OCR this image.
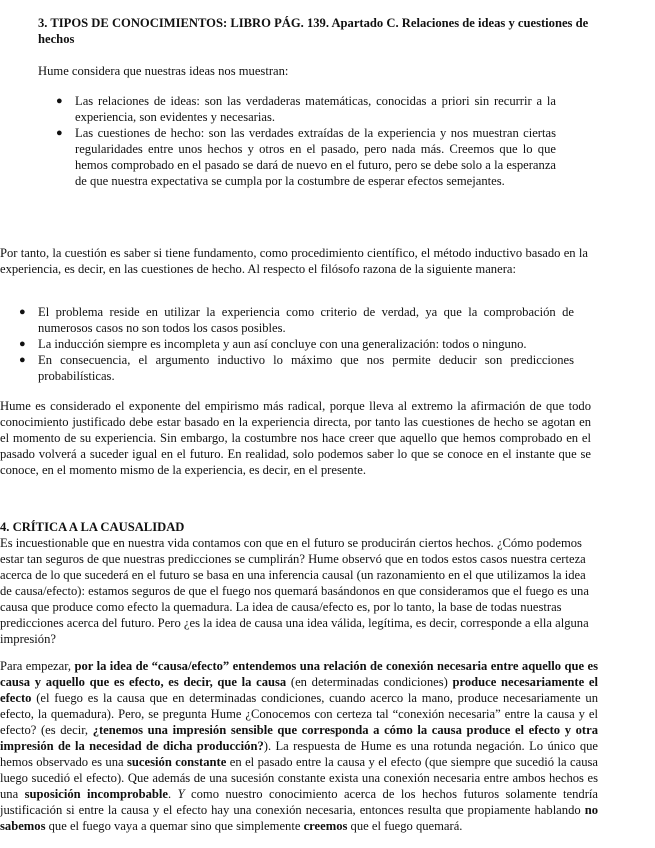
3. TIPOS DE CONOCIMIENTOS: LIBRO PÁG. 139. Apartado C. Relaciones de ideas y cuestiones de hechos

Hume considera que nuestras ideas nos muestran:

● Las relaciones de ideas: son las verdaderas matemáticas, conocidas a priori sin recurrir a la experiencia, son evidentes y necesarias.
● Las cuestiones de hecho: son las verdades extraídas de la experiencia y nos muestran ciertas regularidades entre unos hechos y otros en el pasado, pero nada más. Creemos que lo que hemos comprobado en el pasado se dará de nuevo en el futuro, pero se debe solo a la esperanza de que nuestra expectativa se cumpla por la costumbre de esperar efectos semejantes.

Por tanto, la cuestión es saber si tiene fundamento, como procedimiento científico, el método inductivo basado en la experiencia, es decir, en las cuestiones de hecho. Al respecto el filósofo razona de la siguiente manera:

● El problema reside en utilizar la experiencia como criterio de verdad, ya que la comprobación de numerosos casos no son todos los casos posibles.
● La inducción siempre es incompleta y aun así concluye con una generalización: todos o ninguno.
● En consecuencia, el argumento inductivo lo máximo que nos permite deducir son predicciones probabilísticas.

Hume es considerado el exponente del empirismo más radical, porque lleva al extremo la afirmación de que todo conocimiento justificado debe estar basado en la experiencia directa, por tanto las cuestiones de hecho se agotan en el momento de su experiencia. Sin embargo, la costumbre nos hace creer que aquello que hemos comprobado en el pasado volverá a suceder igual en el futuro. En realidad, solo podemos saber lo que se conoce en el instante que se conoce, en el momento mismo de la experiencia, es decir, en el presente.

4. CRÍTICA A LA CAUSALIDAD

Es incuestionable que en nuestra vida contamos con que en el futuro se producirán ciertos hechos. ¿Cómo podemos estar tan seguros de que nuestras predicciones se cumplirán? Hume observó que en todos estos casos nuestra certeza acerca de lo que sucederá en el futuro se basa en una inferencia causal (un razonamiento en el que utilizamos la idea de causa/efecto): estamos seguros de que el fuego nos quemará basándonos en que consideramos que el fuego es una causa que produce como efecto la quemadura. La idea de causa/efecto es, por lo tanto, la base de todas nuestras predicciones acerca del futuro. Pero ¿es la idea de causa una idea válida, legítima, es decir, corresponde a ella alguna impresión?

Para empezar, por la idea de “causa/efecto” entendemos una relación de conexión necesaria entre aquello que es causa y aquello que es efecto, es decir, que la causa (en determinadas condiciones) produce necesariamente el efecto (el fuego es la causa que en determinadas condiciones, cuando acerco la mano, produce necesariamente un efecto, la quemadura). Pero, se pregunta Hume ¿Conocemos con certeza tal “conexión necesaria” entre la causa y el efecto? (es decir, ¿tenemos una impresión sensible que corresponda a cómo la causa produce el efecto y otra impresión de la necesidad de dicha producción?). La respuesta de Hume es una rotunda negación. Lo único que hemos observado es una sucesión constante en el pasado entre la causa y el efecto (que siempre que sucedió la causa luego sucedió el efecto). Que además de una sucesión constante exista una conexión necesaria entre ambos hechos es una suposición incomprobable. Y como nuestro conocimiento acerca de los hechos futuros solamente tendría justificación si entre la causa y el efecto hay una conexión necesaria, entonces resulta que propiamente hablando no sabemos que el fuego vaya a quemar sino que simplemente creemos que el fuego quemará.
